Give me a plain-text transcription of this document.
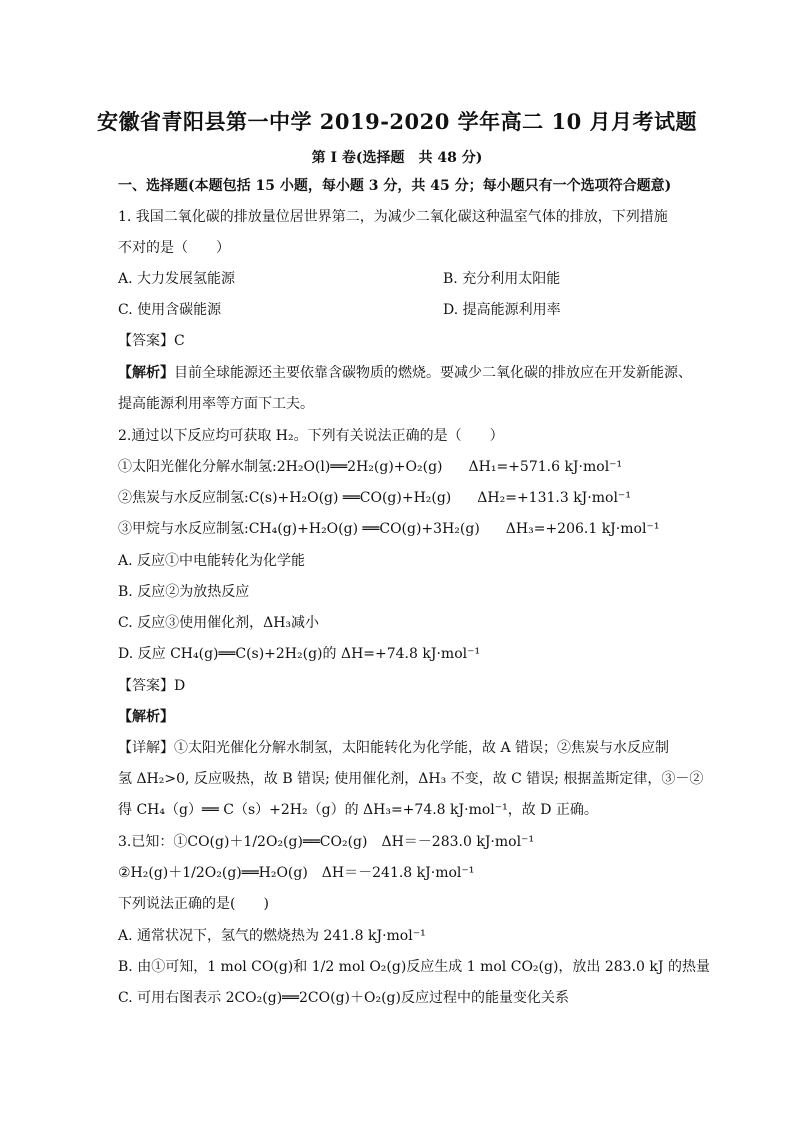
安徽省青阳县第一中学 2019-2020 学年高二 10 月月考试题
第 I 卷(选择题　共 48 分)
一、选择题(本题包括 15 小题，每小题 3 分，共 45 分；每小题只有一个选项符合题意)
1. 我国二氧化碳的排放量位居世界第二，为减少二氧化碳这种温室气体的排放，下列措施
不对的是（　　）
A. 大力发展氢能源	B. 充分利用太阳能
C. 使用含碳能源	D. 提高能源利用率
【答案】C
【解析】目前全球能源还主要依靠含碳物质的燃烧。要减少二氧化碳的排放应在开发新能源、
提高能源利用率等方面下工夫。
2.通过以下反应均可获取 H₂。下列有关说法正确的是（　　）
①太阳光催化分解水制氢:2H₂O(l)══2H₂(g)+O₂(g) ΔH₁=+571.6 kJ·mol⁻¹
②焦炭与水反应制氢:C(s)+H₂O(g) ══CO(g)+H₂(g) ΔH₂=+131.3 kJ·mol⁻¹
③甲烷与水反应制氢:CH₄(g)+H₂O(g) ══CO(g)+3H₂(g) ΔH₃=+206.1 kJ·mol⁻¹
A. 反应①中电能转化为化学能
B. 反应②为放热反应
C. 反应③使用催化剂，ΔH₃减小
D. 反应 CH₄(g)══C(s)+2H₂(g)的 ΔH=+74.8 kJ·mol⁻¹
【答案】D
【解析】
【详解】①太阳光催化分解水制氢，太阳能转化为化学能，故 A 错误；②焦炭与水反应制
氢 ΔH₂>0, 反应吸热，故 B 错误; 使用催化剂，ΔH₃ 不变，故 C 错误; 根据盖斯定律，③－②
得 CH₄（g）══ C（s）+2H₂（g）的 ΔH₃=+74.8 kJ·mol⁻¹，故 D 正确。
3.已知：①CO(g)＋1/2O₂(g)══CO₂(g)　ΔH＝－283.0 kJ·mol⁻¹
②H₂(g)＋1/2O₂(g)══H₂O(g)　ΔH＝－241.8 kJ·mol⁻¹
下列说法正确的是(　　)
A. 通常状况下，氢气的燃烧热为 241.8 kJ·mol⁻¹
B. 由①可知，1 mol CO(g)和 1/2 mol O₂(g)反应生成 1 mol CO₂(g)，放出 283.0 kJ 的热量
C. 可用右图表示 2CO₂(g)══2CO(g)＋O₂(g)反应过程中的能量变化关系
